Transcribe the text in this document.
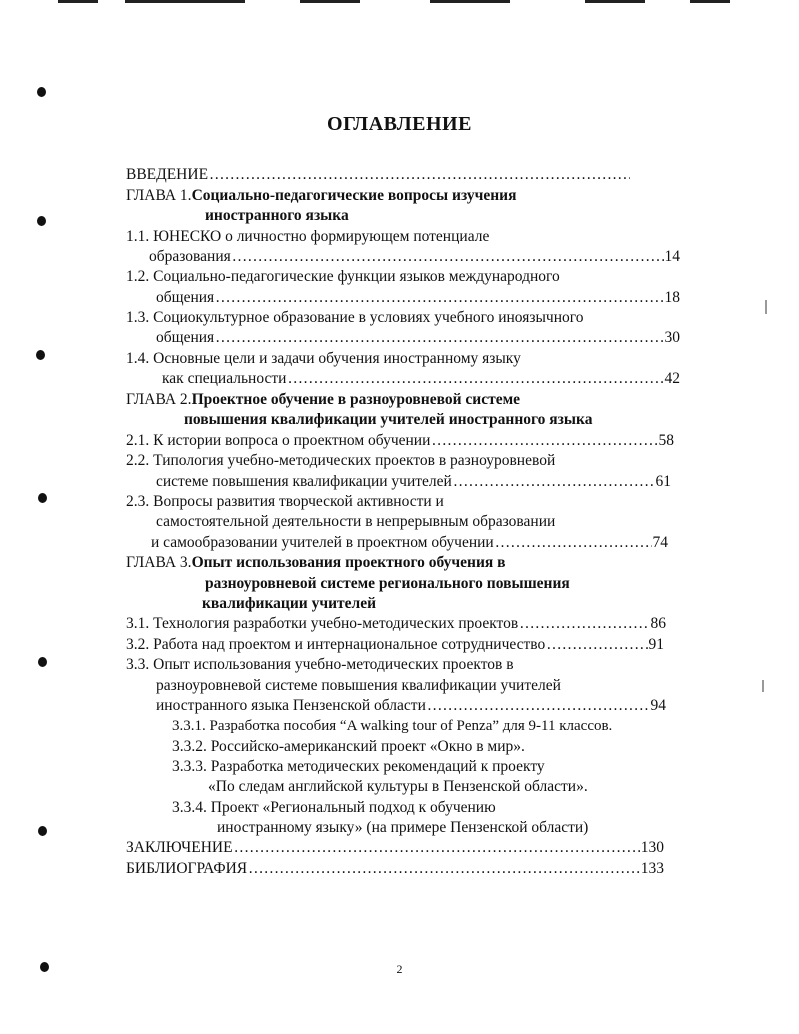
ОГЛАВЛЕНИЕ
ВВЕДЕНИЕ
………………………………………………………………………………………………………………………………………………………………
ГЛАВА 1. Социально-педагогические вопросы изучения
иностранного языка
1.1. ЮНЕСКО о личностно формирующем потенциале
образования ………………………………………………………………………………………………………………………………………………………………	14
1.2. Социально-педагогические функции языков международного
общения ………………………………………………………………………………………………………………………………………………………………	18
1.3. Социокультурное образование в условиях учебного иноязычного
общения ………………………………………………………………………………………………………………………………………………………………	30
1.4. Основные цели и задачи обучения иностранному языку
как специальности ………………………………………………………………………………………………………………………………………………………………	42
ГЛАВА 2. Проектное обучение в разноуровневой системе
повышения квалификации учителей иностранного языка
2.1. К истории вопроса о проектном обучении ………………………………………………………………………………………………………………………………………………………………	58
2.2. Типология учебно-методических проектов в разноуровневой
системе повышения квалификации учителей ………………………………………………………………………………………………………………………………………………………………	61
2.3. Вопросы развития творческой активности и
самостоятельной деятельности в непрерывным образовании
и самообразовании учителей в проектном обучении ………………………………………………………………………………………………………………………………………………………………	74
ГЛАВА 3. Опыт использования проектного обучения в
разноуровневой системе регионального повышения
квалификации учителей
3.1. Технология разработки учебно-методических проектов ………………………………………………………………………………………………………………………………………………………………	86
3.2. Работа над проектом и интернациональное сотрудничество ………………………………………………………………………………………………………………………………………………………………	91
3.3. Опыт использования учебно-методических проектов в
разноуровневой системе повышения квалификации учителей
иностранного языка Пензенской области ………………………………………………………………………………………………………………………………………………………………	94
3.3.1. Разработка пособия “A walking tour of Penza” для 9-11 классов.
3.3.2. Российско-американский проект «Окно в мир».
3.3.3. Разработка методических рекомендаций к проекту
«По следам английской культуры в Пензенской области».
3.3.4. Проект «Региональный подход к обучению
иностранному языку» (на примере Пензенской области)
ЗАКЛЮЧЕНИЕ ………………………………………………………………………………………………………………………………………………………………	130
БИБЛИОГРАФИЯ ………………………………………………………………………………………………………………………………………………………………	133
2
